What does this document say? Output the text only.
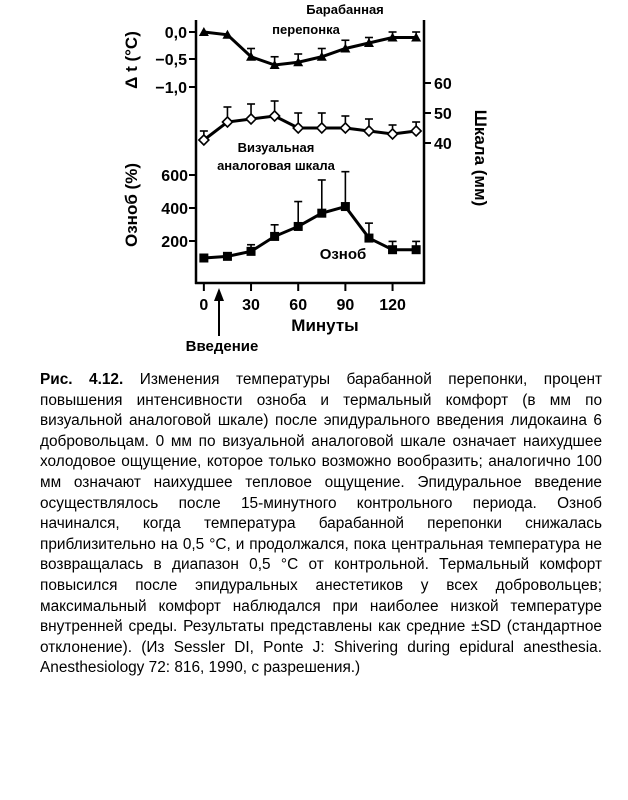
0,0
−0,5
−1,0	60
50
40
600
400
200
0 30 60 90 120
Барабанная
перепонка
Визуальная
аналоговая шкала
Озноб
Δ t (°C)
Озноб (%)	Шкала (мм)
Минуты
Введение

Рис. 4.12. Изменения температуры барабанной перепонки, процент повышения интенсивности озноба и термальный комфорт (в мм по визуальной аналоговой шкале) после эпидурального введения лидокаина 6 добровольцам. 0 мм по визуальной аналоговой шкале означает наихудшее холодовое ощущение, которое только возможно вообразить; аналогично 100 мм означают наихудшее тепловое ощущение. Эпидуральное введение осуществлялось после 15-минутного контрольного периода. Озноб начинался, когда температура барабанной перепонки снижалась приблизительно на 0,5 °C, и продолжался, пока центральная температура не возвращалась в диапазон 0,5 °C от контрольной. Термальный комфорт повысился после эпидуральных анестетиков у всех добровольцев; максимальный комфорт наблюдался при наиболее низкой температуре внутренней среды. Результаты представлены как средние ±SD (стандартное отклонение). (Из Sessler DI, Ponte J: Shivering during epidural anesthesia. Anesthesiology 72: 816, 1990, с разрешения.)
